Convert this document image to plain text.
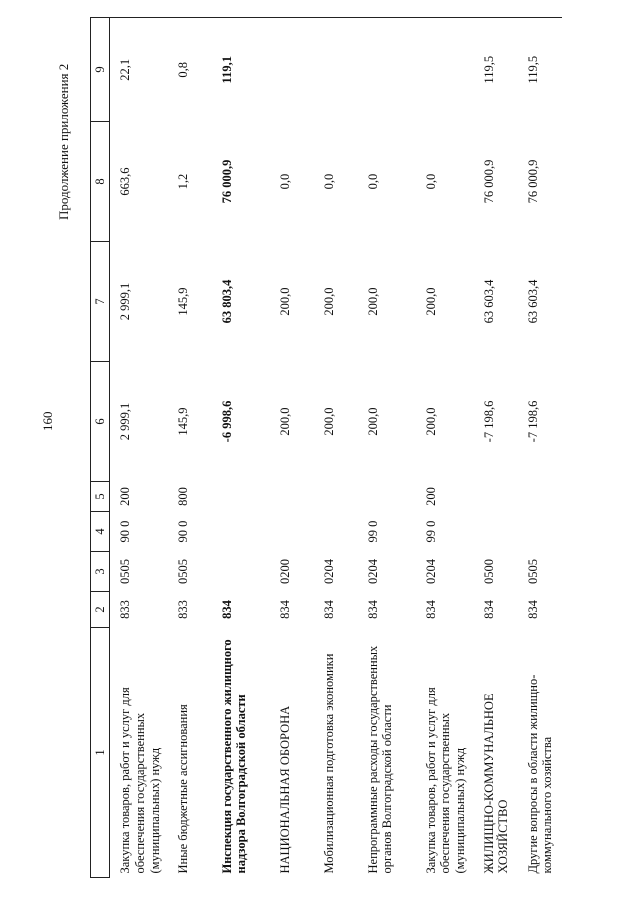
160
Продолжение приложения 2
1	2	3	4	5	6	7	8	9
Закупка товаров, работ и услуг для обеспечения государственных (муниципальных) нужд	833	0505	90 0	200	2 999,1	2 999,1	663,6	22,1
Иные бюджетные ассигнования	833	0505	90 0	800	145,9	145,9	1,2	0,8
Инспекция государственного жилищного надзора Волгоградской области	834				-6 998,6	63 803,4	76 000,9	119,1
НАЦИОНАЛЬНАЯ ОБОРОНА	834	0200			200,0	200,0	0,0	
Мобилизационная подготовка экономики	834	0204			200,0	200,0	0,0	
Непрограммные расходы государственных органов Волгоградской области	834	0204	99 0		200,0	200,0	0,0	
Закупка товаров, работ и услуг для обеспечения государственных (муниципальных) нужд	834	0204	99 0	200	200,0	200,0	0,0	
ЖИЛИЩНО-КОММУНАЛЬНОЕ ХОЗЯЙСТВО	834	0500			-7 198,6	63 603,4	76 000,9	119,5
Другие вопросы в области жилищно-коммунального хозяйства	834	0505			-7 198,6	63 603,4	76 000,9	119,5
